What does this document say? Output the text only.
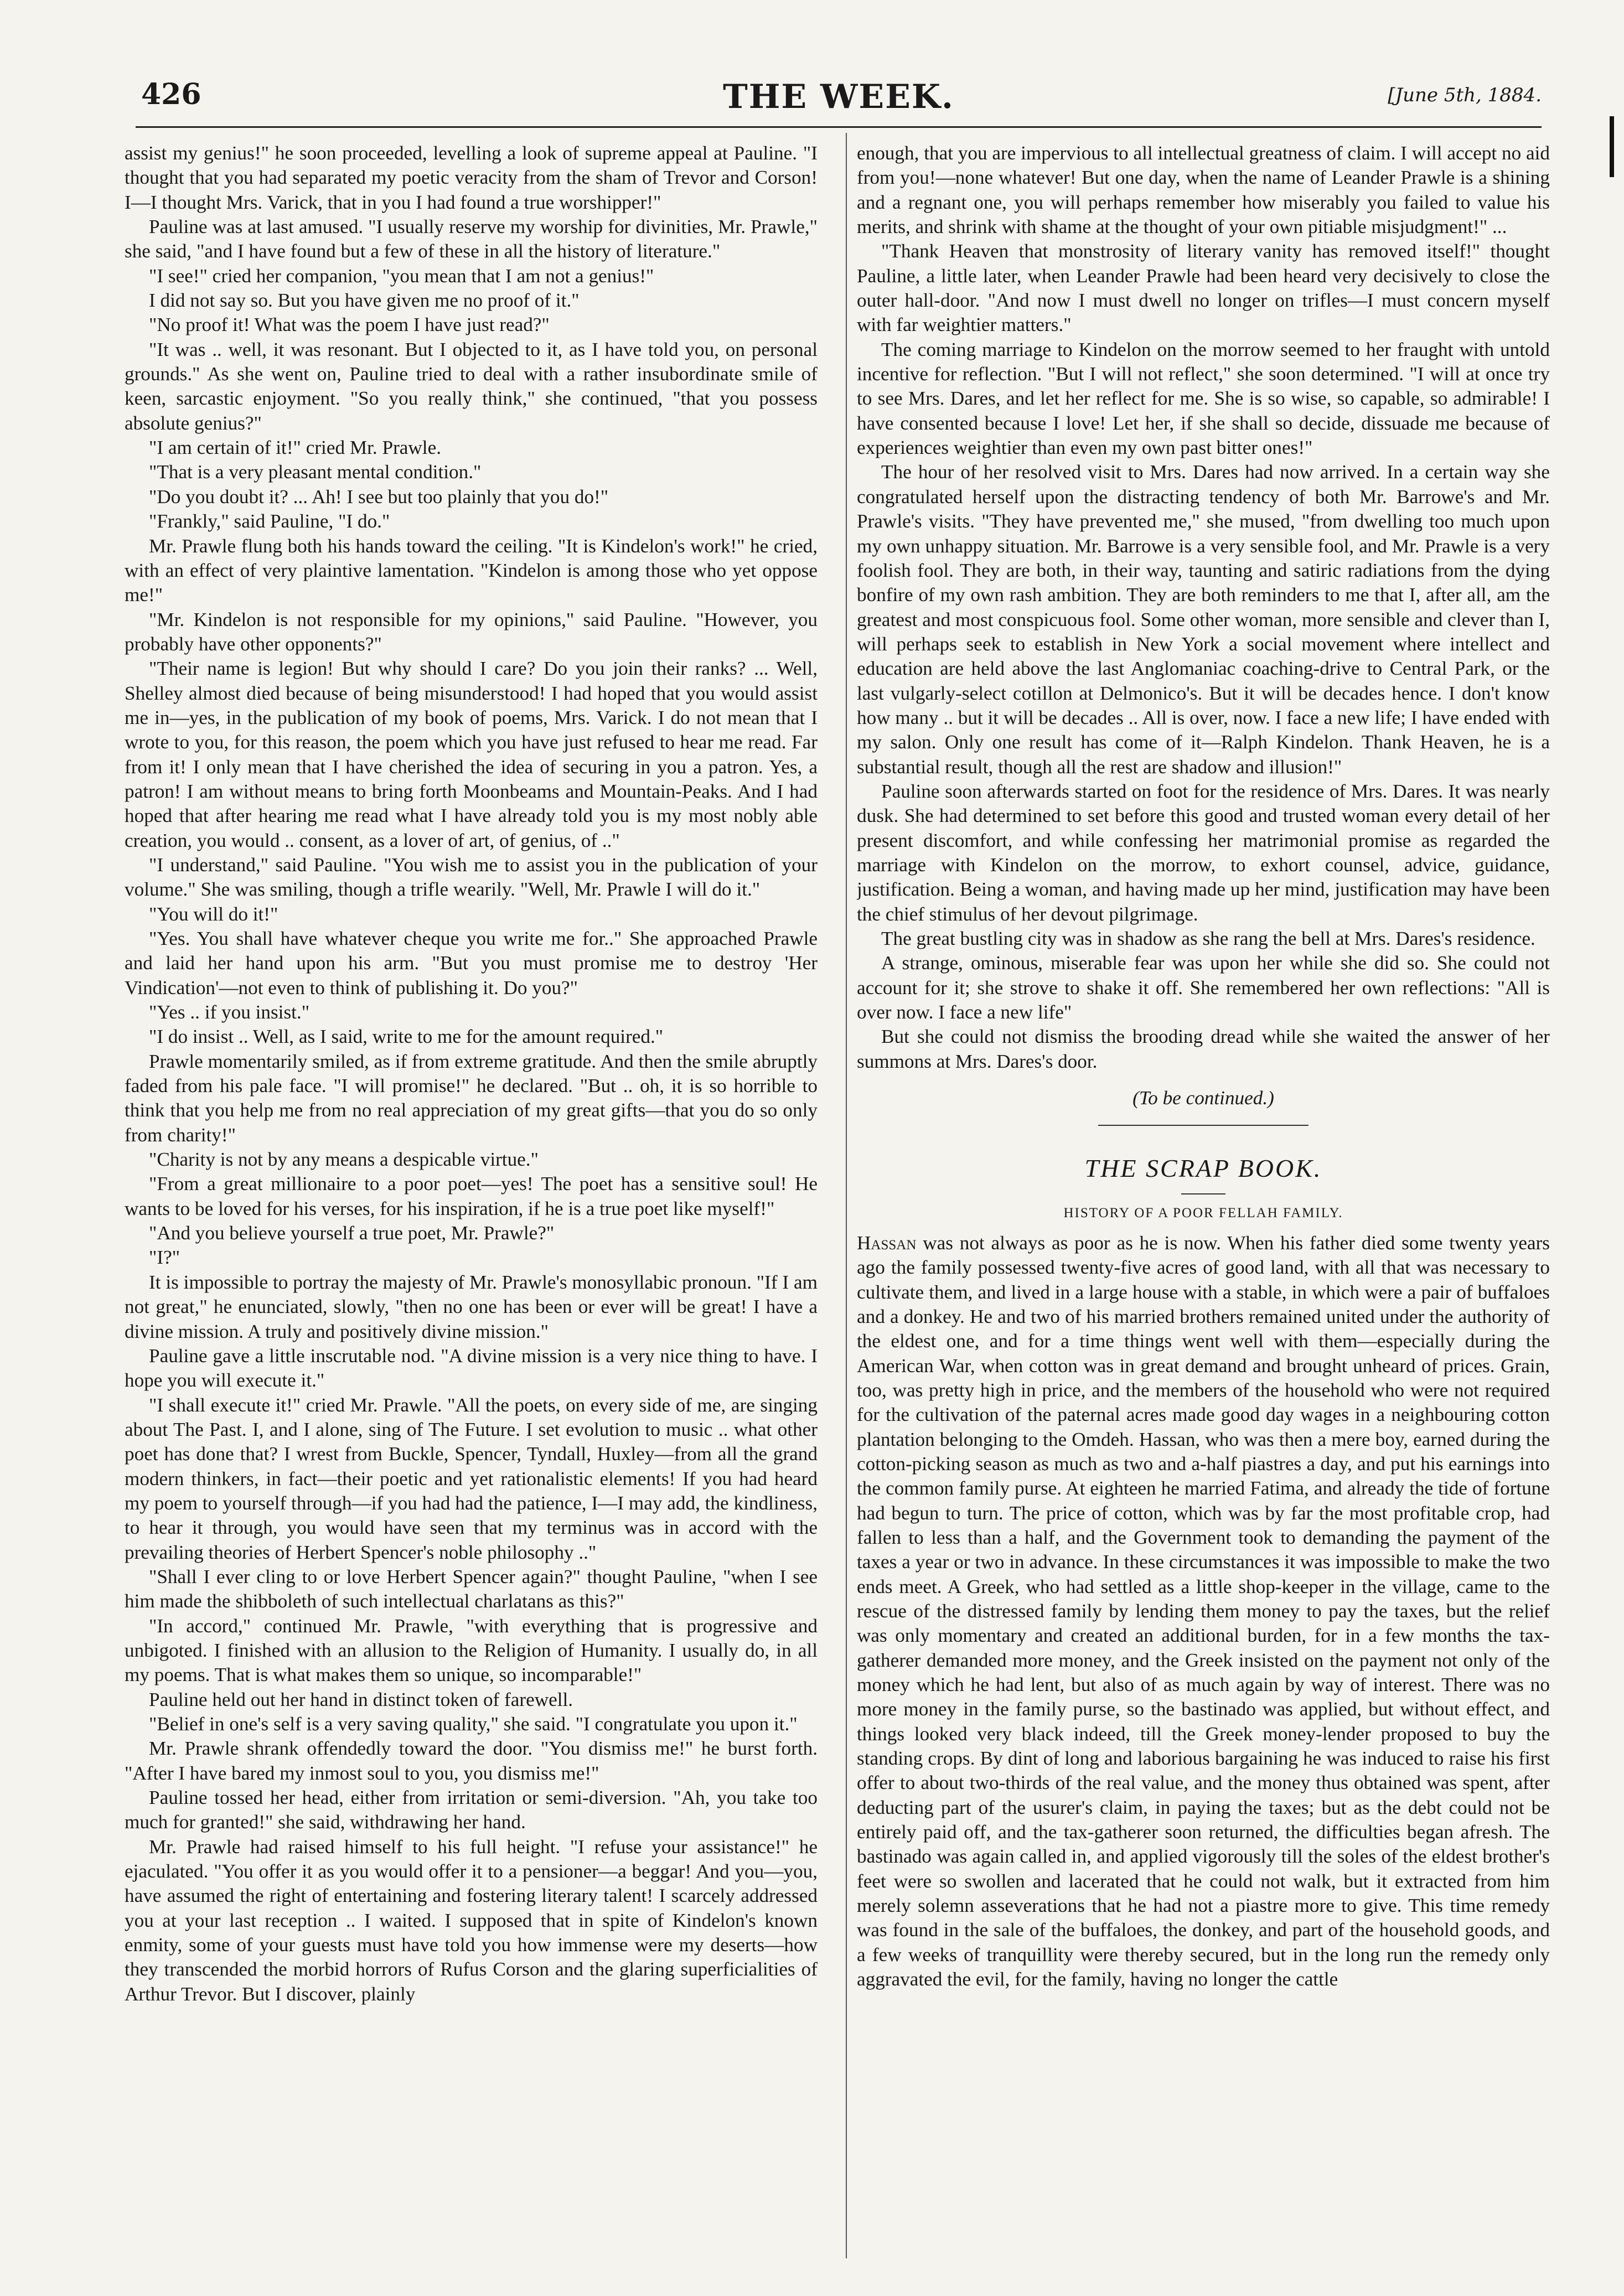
426	THE WEEK.	[June 5th, 1884.

assist my genius!" he soon proceeded, levelling a look of supreme appeal at Pauline. "I thought that you had separated my poetic veracity from the sham of Trevor and Corson! I—I thought Mrs. Varick, that in you I had found a true worshipper!"

Pauline was at last amused. "I usually reserve my worship for divinities, Mr. Prawle," she said, "and I have found but a few of these in all the history of literature."

"I see!" cried her companion, "you mean that I am not a genius!"

I did not say so. But you have given me no proof of it."

"No proof it! What was the poem I have just read?"

"It was .. well, it was resonant. But I objected to it, as I have told you, on personal grounds." As she went on, Pauline tried to deal with a rather insubordinate smile of keen, sarcastic enjoyment. "So you really think," she continued, "that you possess absolute genius?"

"I am certain of it!" cried Mr. Prawle.

"That is a very pleasant mental condition."

"Do you doubt it? ... Ah! I see but too plainly that you do!"

"Frankly," said Pauline, "I do."

Mr. Prawle flung both his hands toward the ceiling. "It is Kindelon's work!" he cried, with an effect of very plaintive lamentation. "Kindelon is among those who yet oppose me!"

"Mr. Kindelon is not responsible for my opinions," said Pauline. "However, you probably have other opponents?"

"Their name is legion! But why should I care? Do you join their ranks? ... Well, Shelley almost died because of being misunderstood! I had hoped that you would assist me in—yes, in the publication of my book of poems, Mrs. Varick. I do not mean that I wrote to you, for this reason, the poem which you have just refused to hear me read. Far from it! I only mean that I have cherished the idea of securing in you a patron. Yes, a patron! I am without means to bring forth Moonbeams and Mountain-Peaks. And I had hoped that after hearing me read what I have already told you is my most nobly able creation, you would .. consent, as a lover of art, of genius, of .."

"I understand," said Pauline. "You wish me to assist you in the publication of your volume." She was smiling, though a trifle wearily. "Well, Mr. Prawle I will do it."

"You will do it!"

"Yes. You shall have whatever cheque you write me for.." She approached Prawle and laid her hand upon his arm. "But you must promise me to destroy 'Her Vindication'—not even to think of publishing it. Do you?"

"Yes .. if you insist."

"I do insist .. Well, as I said, write to me for the amount required."

Prawle momentarily smiled, as if from extreme gratitude. And then the smile abruptly faded from his pale face. "I will promise!" he declared. "But .. oh, it is so horrible to think that you help me from no real appreciation of my great gifts—that you do so only from charity!"

"Charity is not by any means a despicable virtue."

"From a great millionaire to a poor poet—yes! The poet has a sensitive soul! He wants to be loved for his verses, for his inspiration, if he is a true poet like myself!"

"And you believe yourself a true poet, Mr. Prawle?"

"I?"

It is impossible to portray the majesty of Mr. Prawle's monosyllabic pronoun. "If I am not great," he enunciated, slowly, "then no one has been or ever will be great! I have a divine mission. A truly and positively divine mission."

Pauline gave a little inscrutable nod. "A divine mission is a very nice thing to have. I hope you will execute it."

"I shall execute it!" cried Mr. Prawle. "All the poets, on every side of me, are singing about The Past. I, and I alone, sing of The Future. I set evolution to music .. what other poet has done that? I wrest from Buckle, Spencer, Tyndall, Huxley—from all the grand modern thinkers, in fact—their poetic and yet rationalistic elements! If you had heard my poem to yourself through—if you had had the patience, I—I may add, the kindliness, to hear it through, you would have seen that my terminus was in accord with the prevailing theories of Herbert Spencer's noble philosophy .."

"Shall I ever cling to or love Herbert Spencer again?" thought Pauline, "when I see him made the shibboleth of such intellectual charlatans as this?"

"In accord," continued Mr. Prawle, "with everything that is progressive and unbigoted. I finished with an allusion to the Religion of Humanity. I usually do, in all my poems. That is what makes them so unique, so incomparable!"

Pauline held out her hand in distinct token of farewell.

"Belief in one's self is a very saving quality," she said. "I congratulate you upon it."

Mr. Prawle shrank offendedly toward the door. "You dismiss me!" he burst forth. "After I have bared my inmost soul to you, you dismiss me!"

Pauline tossed her head, either from irritation or semi-diversion. "Ah, you take too much for granted!" she said, withdrawing her hand.

Mr. Prawle had raised himself to his full height. "I refuse your assistance!" he ejaculated. "You offer it as you would offer it to a pensioner—a beggar! And you—you, have assumed the right of entertaining and fostering literary talent! I scarcely addressed you at your last reception .. I waited. I supposed that in spite of Kindelon's known enmity, some of your guests must have told you how immense were my deserts—how they transcended the morbid horrors of Rufus Corson and the glaring superficialities of Arthur Trevor. But I discover, plainly

enough, that you are impervious to all intellectual greatness of claim. I will accept no aid from you!—none whatever! But one day, when the name of Leander Prawle is a shining and a regnant one, you will perhaps remember how miserably you failed to value his merits, and shrink with shame at the thought of your own pitiable misjudgment!" ...

"Thank Heaven that monstrosity of literary vanity has removed itself!" thought Pauline, a little later, when Leander Prawle had been heard very decisively to close the outer hall-door. "And now I must dwell no longer on trifles—I must concern myself with far weightier matters."

The coming marriage to Kindelon on the morrow seemed to her fraught with untold incentive for reflection. "But I will not reflect," she soon determined. "I will at once try to see Mrs. Dares, and let her reflect for me. She is so wise, so capable, so admirable! I have consented because I love! Let her, if she shall so decide, dissuade me because of experiences weightier than even my own past bitter ones!"

The hour of her resolved visit to Mrs. Dares had now arrived. In a certain way she congratulated herself upon the distracting tendency of both Mr. Barrowe's and Mr. Prawle's visits. "They have prevented me," she mused, "from dwelling too much upon my own unhappy situation. Mr. Barrowe is a very sensible fool, and Mr. Prawle is a very foolish fool. They are both, in their way, taunting and satiric radiations from the dying bonfire of my own rash ambition. They are both reminders to me that I, after all, am the greatest and most conspicuous fool. Some other woman, more sensible and clever than I, will perhaps seek to establish in New York a social movement where intellect and education are held above the last Anglomaniac coaching-drive to Central Park, or the last vulgarly-select cotillon at Delmonico's. But it will be decades hence. I don't know how many .. but it will be decades .. All is over, now. I face a new life; I have ended with my salon. Only one result has come of it—Ralph Kindelon. Thank Heaven, he is a substantial result, though all the rest are shadow and illusion!"

Pauline soon afterwards started on foot for the residence of Mrs. Dares. It was nearly dusk. She had determined to set before this good and trusted woman every detail of her present discomfort, and while confessing her matrimonial promise as regarded the marriage with Kindelon on the morrow, to exhort counsel, advice, guidance, justification. Being a woman, and having made up her mind, justification may have been the chief stimulus of her devout pilgrimage.

The great bustling city was in shadow as she rang the bell at Mrs. Dares's residence.

A strange, ominous, miserable fear was upon her while she did so. She could not account for it; she strove to shake it off. She remembered her own reflections: "All is over now. I face a new life"

But she could not dismiss the brooding dread while she waited the answer of her summons at Mrs. Dares's door.

(To be continued.)

THE SCRAP BOOK.
HISTORY OF A POOR FELLAH FAMILY.

Hassan was not always as poor as he is now. When his father died some twenty years ago the family possessed twenty-five acres of good land, with all that was necessary to cultivate them, and lived in a large house with a stable, in which were a pair of buffaloes and a donkey. He and two of his married brothers remained united under the authority of the eldest one, and for a time things went well with them—especially during the American War, when cotton was in great demand and brought unheard of prices. Grain, too, was pretty high in price, and the members of the household who were not required for the cultivation of the paternal acres made good day wages in a neighbouring cotton plantation belonging to the Omdeh. Hassan, who was then a mere boy, earned during the cotton-picking season as much as two and a-half piastres a day, and put his earnings into the common family purse. At eighteen he married Fatima, and already the tide of fortune had begun to turn. The price of cotton, which was by far the most profitable crop, had fallen to less than a half, and the Government took to demanding the payment of the taxes a year or two in advance. In these circumstances it was impossible to make the two ends meet. A Greek, who had settled as a little shop-keeper in the village, came to the rescue of the distressed family by lending them money to pay the taxes, but the relief was only momentary and created an additional burden, for in a few months the tax-gatherer demanded more money, and the Greek insisted on the payment not only of the money which he had lent, but also of as much again by way of interest. There was no more money in the family purse, so the bastinado was applied, but without effect, and things looked very black indeed, till the Greek money-lender proposed to buy the standing crops. By dint of long and laborious bargaining he was induced to raise his first offer to about two-thirds of the real value, and the money thus obtained was spent, after deducting part of the usurer's claim, in paying the taxes; but as the debt could not be entirely paid off, and the tax-gatherer soon returned, the difficulties began afresh. The bastinado was again called in, and applied vigorously till the soles of the eldest brother's feet were so swollen and lacerated that he could not walk, but it extracted from him merely solemn asseverations that he had not a piastre more to give. This time remedy was found in the sale of the buffaloes, the donkey, and part of the household goods, and a few weeks of tranquillity were thereby secured, but in the long run the remedy only aggravated the evil, for the family, having no longer the cattle
